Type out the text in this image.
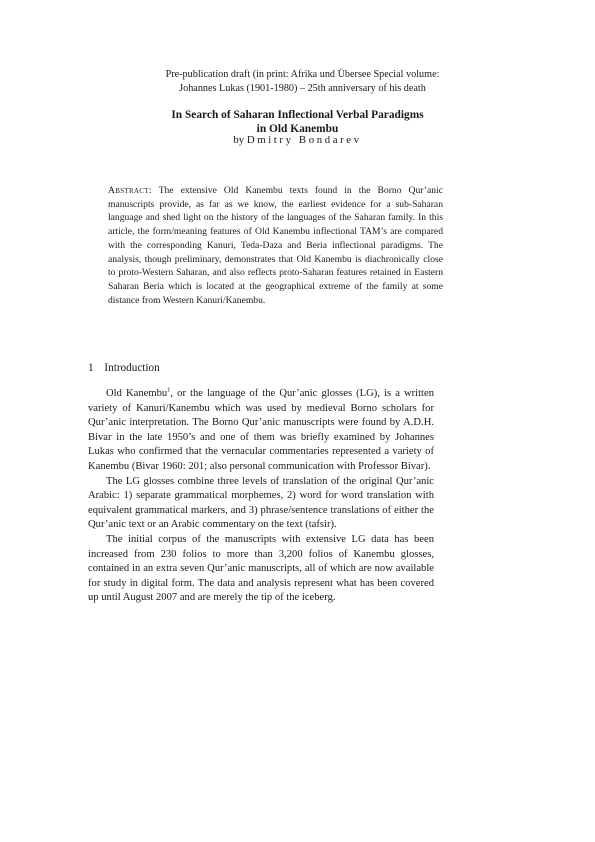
Pre-publication draft (in print: Afrika und Übersee Special volume:
Johannes Lukas (1901-1980) – 25th anniversary of his death
In Search of Saharan Inflectional Verbal Paradigms
in Old Kanembu
by Dmitry Bondarev
Abstract: The extensive Old Kanembu texts found in the Borno Qur’anic manuscripts provide, as far as we know, the earliest evidence for a sub-Saharan language and shed light on the history of the languages of the Saharan family. In this article, the form/meaning features of Old Kanembu inflectional TAM’s are compared with the corresponding Kanuri, Teda-Daza and Beria inflectional paradigms. The analysis, though preliminary, demonstrates that Old Kanembu is diachronically close to proto-Western Saharan, and also reflects proto-Saharan features retained in Eastern Saharan Beria which is located at the geographical extreme of the family at some distance from Western Kanuri/Kanembu.
1 Introduction

Old Kanembu$^1$, or the language of the Qur’anic glosses (LG), is a written variety of Kanuri/Kanembu which was used by medieval Borno scholars for Qur’anic interpretation. The Borno Qur’anic manuscripts were found by A.D.H. Bivar in the late 1950’s and one of them was briefly examined by Johannes Lukas who confirmed that the vernacular commentaries represented a variety of Kanembu (Bivar 1960: 201; also personal communication with Professor Bivar).

The LG glosses combine three levels of translation of the original Qur’anic Arabic: 1) separate grammatical morphemes, 2) word for word translation with equivalent grammatical markers, and 3) phrase/sentence translations of either the Qur’anic text or an Arabic commentary on the text (tafsir).

The initial corpus of the manuscripts with extensive LG data has been increased from 230 folios to more than 3,200 folios of Kanembu glosses, contained in an extra seven Qur’anic manuscripts, all of which are now available for study in digital form. The data and analysis represent what has been covered up until August 2007 and are merely the tip of the iceberg.
